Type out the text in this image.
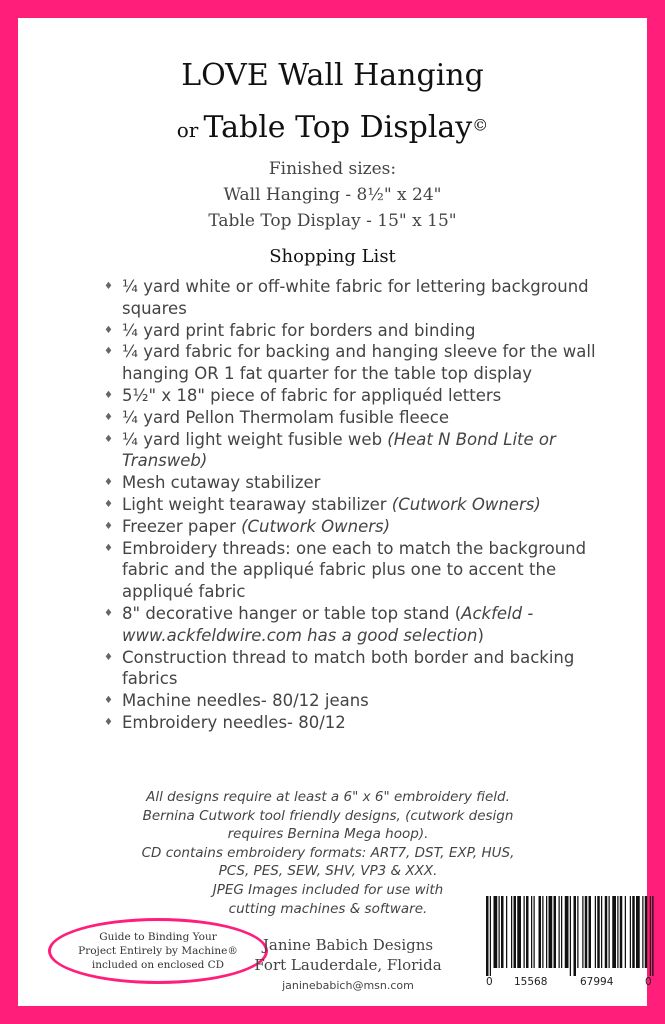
LOVE Wall Hanging
or Table Top Display©
Finished sizes:
Wall Hanging - 8½" x 24"
Table Top Display - 15" x 15"
Shopping List
♦ ¼ yard white or off-white fabric for lettering background squares
♦ ¼ yard print fabric for borders and binding
♦ ¼ yard fabric for backing and hanging sleeve for the wall hanging OR 1 fat quarter for the table top display
♦ 5½" x 18" piece of fabric for appliquéd letters
♦ ¼ yard Pellon Thermolam fusible fleece
♦ ¼ yard light weight fusible web (Heat N Bond Lite or Transweb)
♦ Mesh cutaway stabilizer
♦ Light weight tearaway stabilizer (Cutwork Owners)
♦ Freezer paper (Cutwork Owners)
♦ Embroidery threads: one each to match the background fabric and the appliqué fabric plus one to accent the appliqué fabric
♦ 8" decorative hanger or table top stand (Ackfeld - www.ackfeldwire.com has a good selection)
♦ Construction thread to match both border and backing fabrics
♦ Machine needles- 80/12 jeans
♦ Embroidery needles- 80/12
All designs require at least a 6" x 6" embroidery field.
Bernina Cutwork tool friendly designs, (cutwork design
requires Bernina Mega hoop).
CD contains embroidery formats: ART7, DST, EXP, HUS,
PCS, PES, SEW, SHV, VP3 & XXX.
JPEG Images included for use with
cutting machines & software.
Guide to Binding Your
Project Entirely by Machine®
included on enclosed CD
Janine Babich Designs
Fort Lauderdale, Florida
janinebabich@msn.com	0 15568	67994	0
